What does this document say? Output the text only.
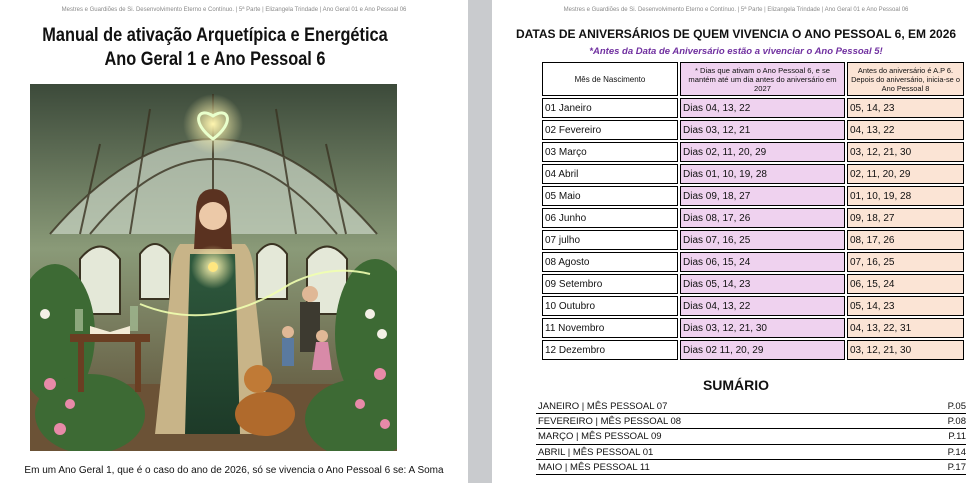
Mestres e Guardiões de Si. Desenvolvimento Eterno e Contínuo. | 5ª Parte | Elizangela Trindade | Ano Geral 01 e Ano Pessoal 06
Manual de ativação Arquetípica e Energética
Ano Geral 1 e Ano Pessoal 6
Em um Ano Geral 1, que é o caso do ano de 2026, só se vivencia o Ano Pessoal 6 se: A Soma
Mestres e Guardiões de Si. Desenvolvimento Eterno e Contínuo. | 5ª Parte | Elizangela Trindade | Ano Geral 01 e Ano Pessoal 06
DATAS DE ANIVERSÁRIOS DE QUEM VIVENCIA O ANO PESSOAL 6, EM 2026
*Antes da Data de Aniversário estão a vivenciar o Ano Pessoal 5!
Mês de Nascimento	* Dias que ativam o Ano Pessoal 6, e se mantém até um dia antes do aniversário em 2027	Antes do aniversário é A.P 6. Depois do aniversário, inicia-se o Ano Pessoal 8
01 Janeiro	Dias 04, 13, 22	05, 14, 23
02 Fevereiro	Dias 03, 12, 21	04, 13, 22
03 Março	Dias 02, 11, 20, 29	03, 12, 21, 30
04 Abril	Dias 01, 10, 19, 28	02, 11, 20, 29
05 Maio	Dias 09, 18, 27	01, 10, 19, 28
06 Junho	Dias 08, 17, 26	09, 18, 27
07 julho	Dias 07, 16, 25	08, 17, 26
08 Agosto	Dias 06, 15, 24	07, 16, 25
09 Setembro	Dias 05, 14, 23	06, 15, 24
10 Outubro	Dias 04, 13, 22	05, 14, 23
11 Novembro	Dias 03, 12, 21, 30	04, 13, 22, 31
12 Dezembro	Dias 02 11, 20, 29	03, 12, 21, 30
SUMÁRIO
JANEIRO | MÊS PESSOAL 07	P.05
FEVEREIRO | MÊS PESSOAL 08	P.08
MARÇO | MÊS PESSOAL 09	P.11
ABRIL | MÊS PESSOAL 01	P.14
MAIO | MÊS PESSOAL 11	P.17
